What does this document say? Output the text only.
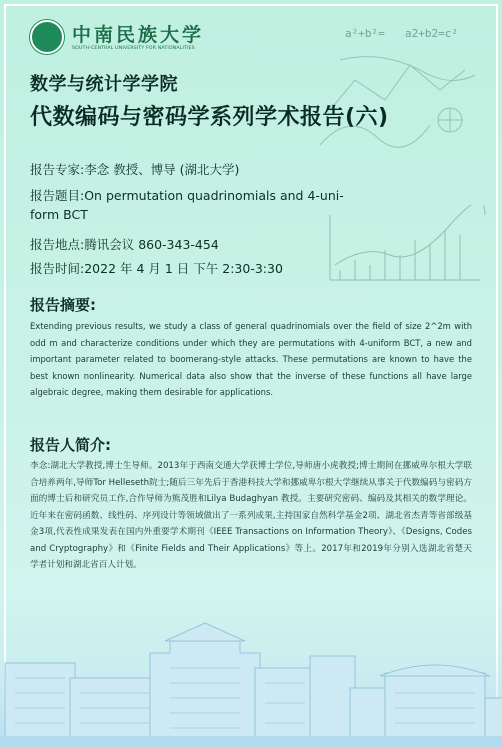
中南民族大学
SOUTH-CENTRAL UNIVERSITY FOR NATIONALITIES
a²+b²= a2+b2=c²
数学与统计学学院
代数编码与密码学系列学术报告(六)
报告专家:李念 教授、博导 (湖北大学)
报告题目:On permutation quadrinomials and 4-uni-
form BCT
报告地点:腾讯会议 860-343-454
报告时间:2022 年 4 月 1 日 下午 2:30-3:30
报告摘要:
Extending previous results, we study a class of general quadrinomials over the field of size 2^2m with odd m and characterize conditions under which they are permutations with 4-uniform BCT, a new and important parameter related to boomerang-style attacks. These permutations are known to have the best known nonlinearity. Numerical data also show that the inverse of these functions all have large algebraic degree, making them desirable for applications.
报告人简介:
李念:湖北大学教授,博士生导师。2013年于西南交通大学获博士学位,导师唐小虎教授;博士期间在挪威卑尔根大学联合培养两年,导师Tor Helleseth院士;随后三年先后于香港科技大学和挪威卑尔根大学继续从事关于代数编码与密码方面的博士后和研究员工作,合作导师为熊茂胜和Lilya Budaghyan 教授。主要研究密码、编码及其相关的数学理论。近年来在密码函数、线性码、序列设计等领域做出了一系列成果,主持国家自然科学基金2项、湖北省杰青等省部级基金3项,代表性成果发表在国内外重要学术期刊《IEEE Transactions on Information Theory》、《Designs, Codes and Cryptography》和《Finite Fields and Their Applications》等上。2017年和2019年分别入选湖北省楚天学者计划和湖北省百人计划。
